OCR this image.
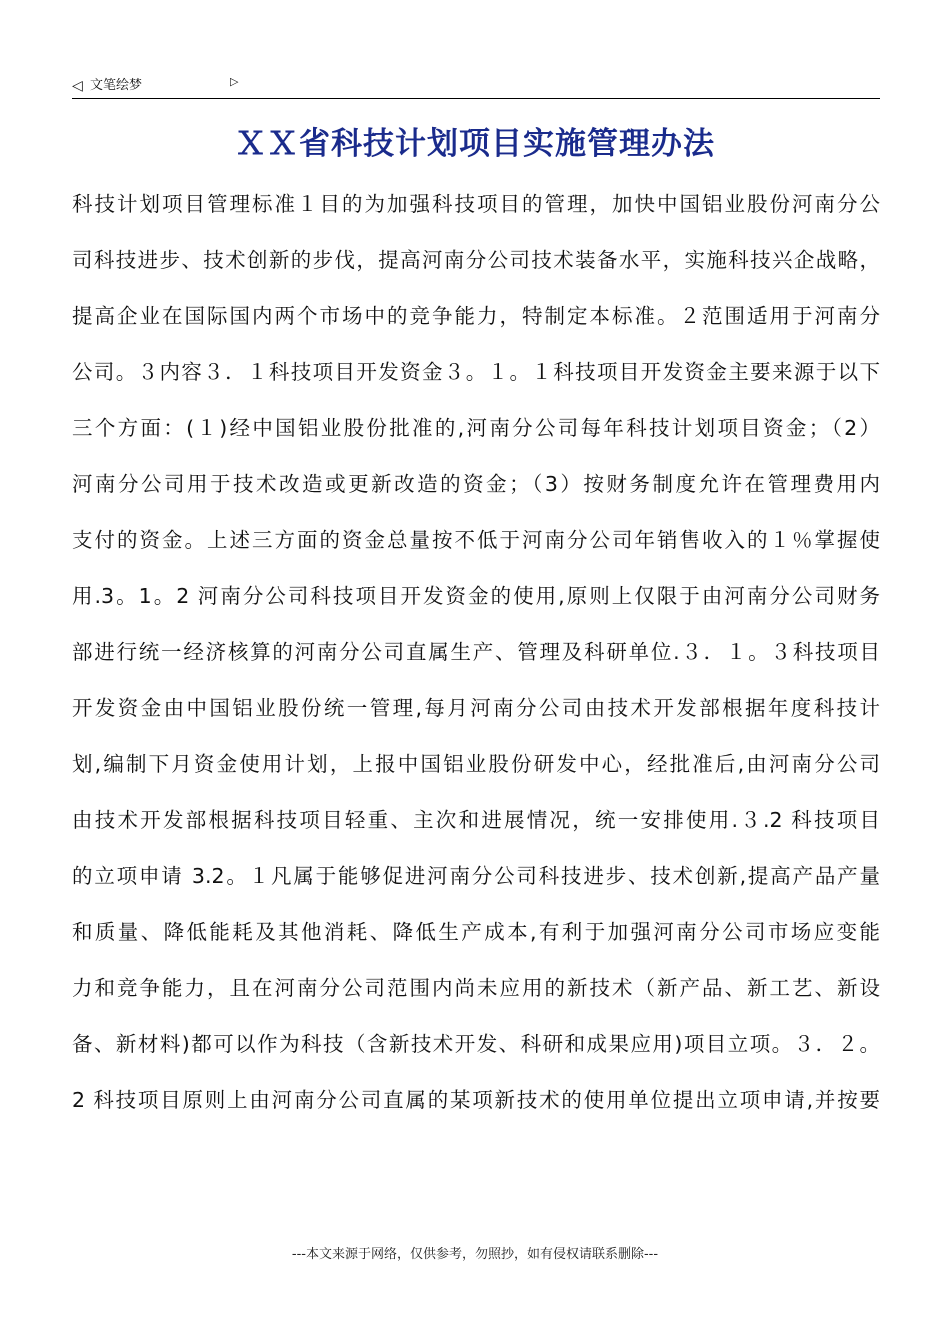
◁ 文笔绘梦	▷
ＸＸ省科技计划项目实施管理办法
科技计划项目管理标准１目的为加强科技项目的管理，加快中国铝业股份河南分公
司科技进步、技术创新的步伐，提高河南分公司技术装备水平，实施科技兴企战略，
提高企业在国际国内两个市场中的竞争能力，特制定本标准。２范围适用于河南分
公司。３内容３．１科技项目开发资金３。１。１科技项目开发资金主要来源于以下
三个方面：(１)经中国铝业股份批准的,河南分公司每年科技计划项目资金；（2）
河南分公司用于技术改造或更新改造的资金；（3）按财务制度允许在管理费用内
支付的资金。上述三方面的资金总量按不低于河南分公司年销售收入的１％掌握使
用.3。1。2 河南分公司科技项目开发资金的使用,原则上仅限于由河南分公司财务
部进行统一经济核算的河南分公司直属生产、管理及科研单位.３．１。３科技项目
开发资金由中国铝业股份统一管理,每月河南分公司由技术开发部根据年度科技计
划,编制下月资金使用计划，上报中国铝业股份研发中心，经批准后,由河南分公司
由技术开发部根据科技项目轻重、主次和进展情况，统一安排使用.３.2 科技项目
的立项申请 3.2。１凡属于能够促进河南分公司科技进步、技术创新,提高产品产量
和质量、降低能耗及其他消耗、降低生产成本,有利于加强河南分公司市场应变能
力和竞争能力，且在河南分公司范围内尚未应用的新技术（新产品、新工艺、新设
备、新材料)都可以作为科技（含新技术开发、科研和成果应用)项目立项。３．２。
2 科技项目原则上由河南分公司直属的某项新技术的使用单位提出立项申请,并按要
---本文来源于网络，仅供参考，勿照抄，如有侵权请联系删除---
